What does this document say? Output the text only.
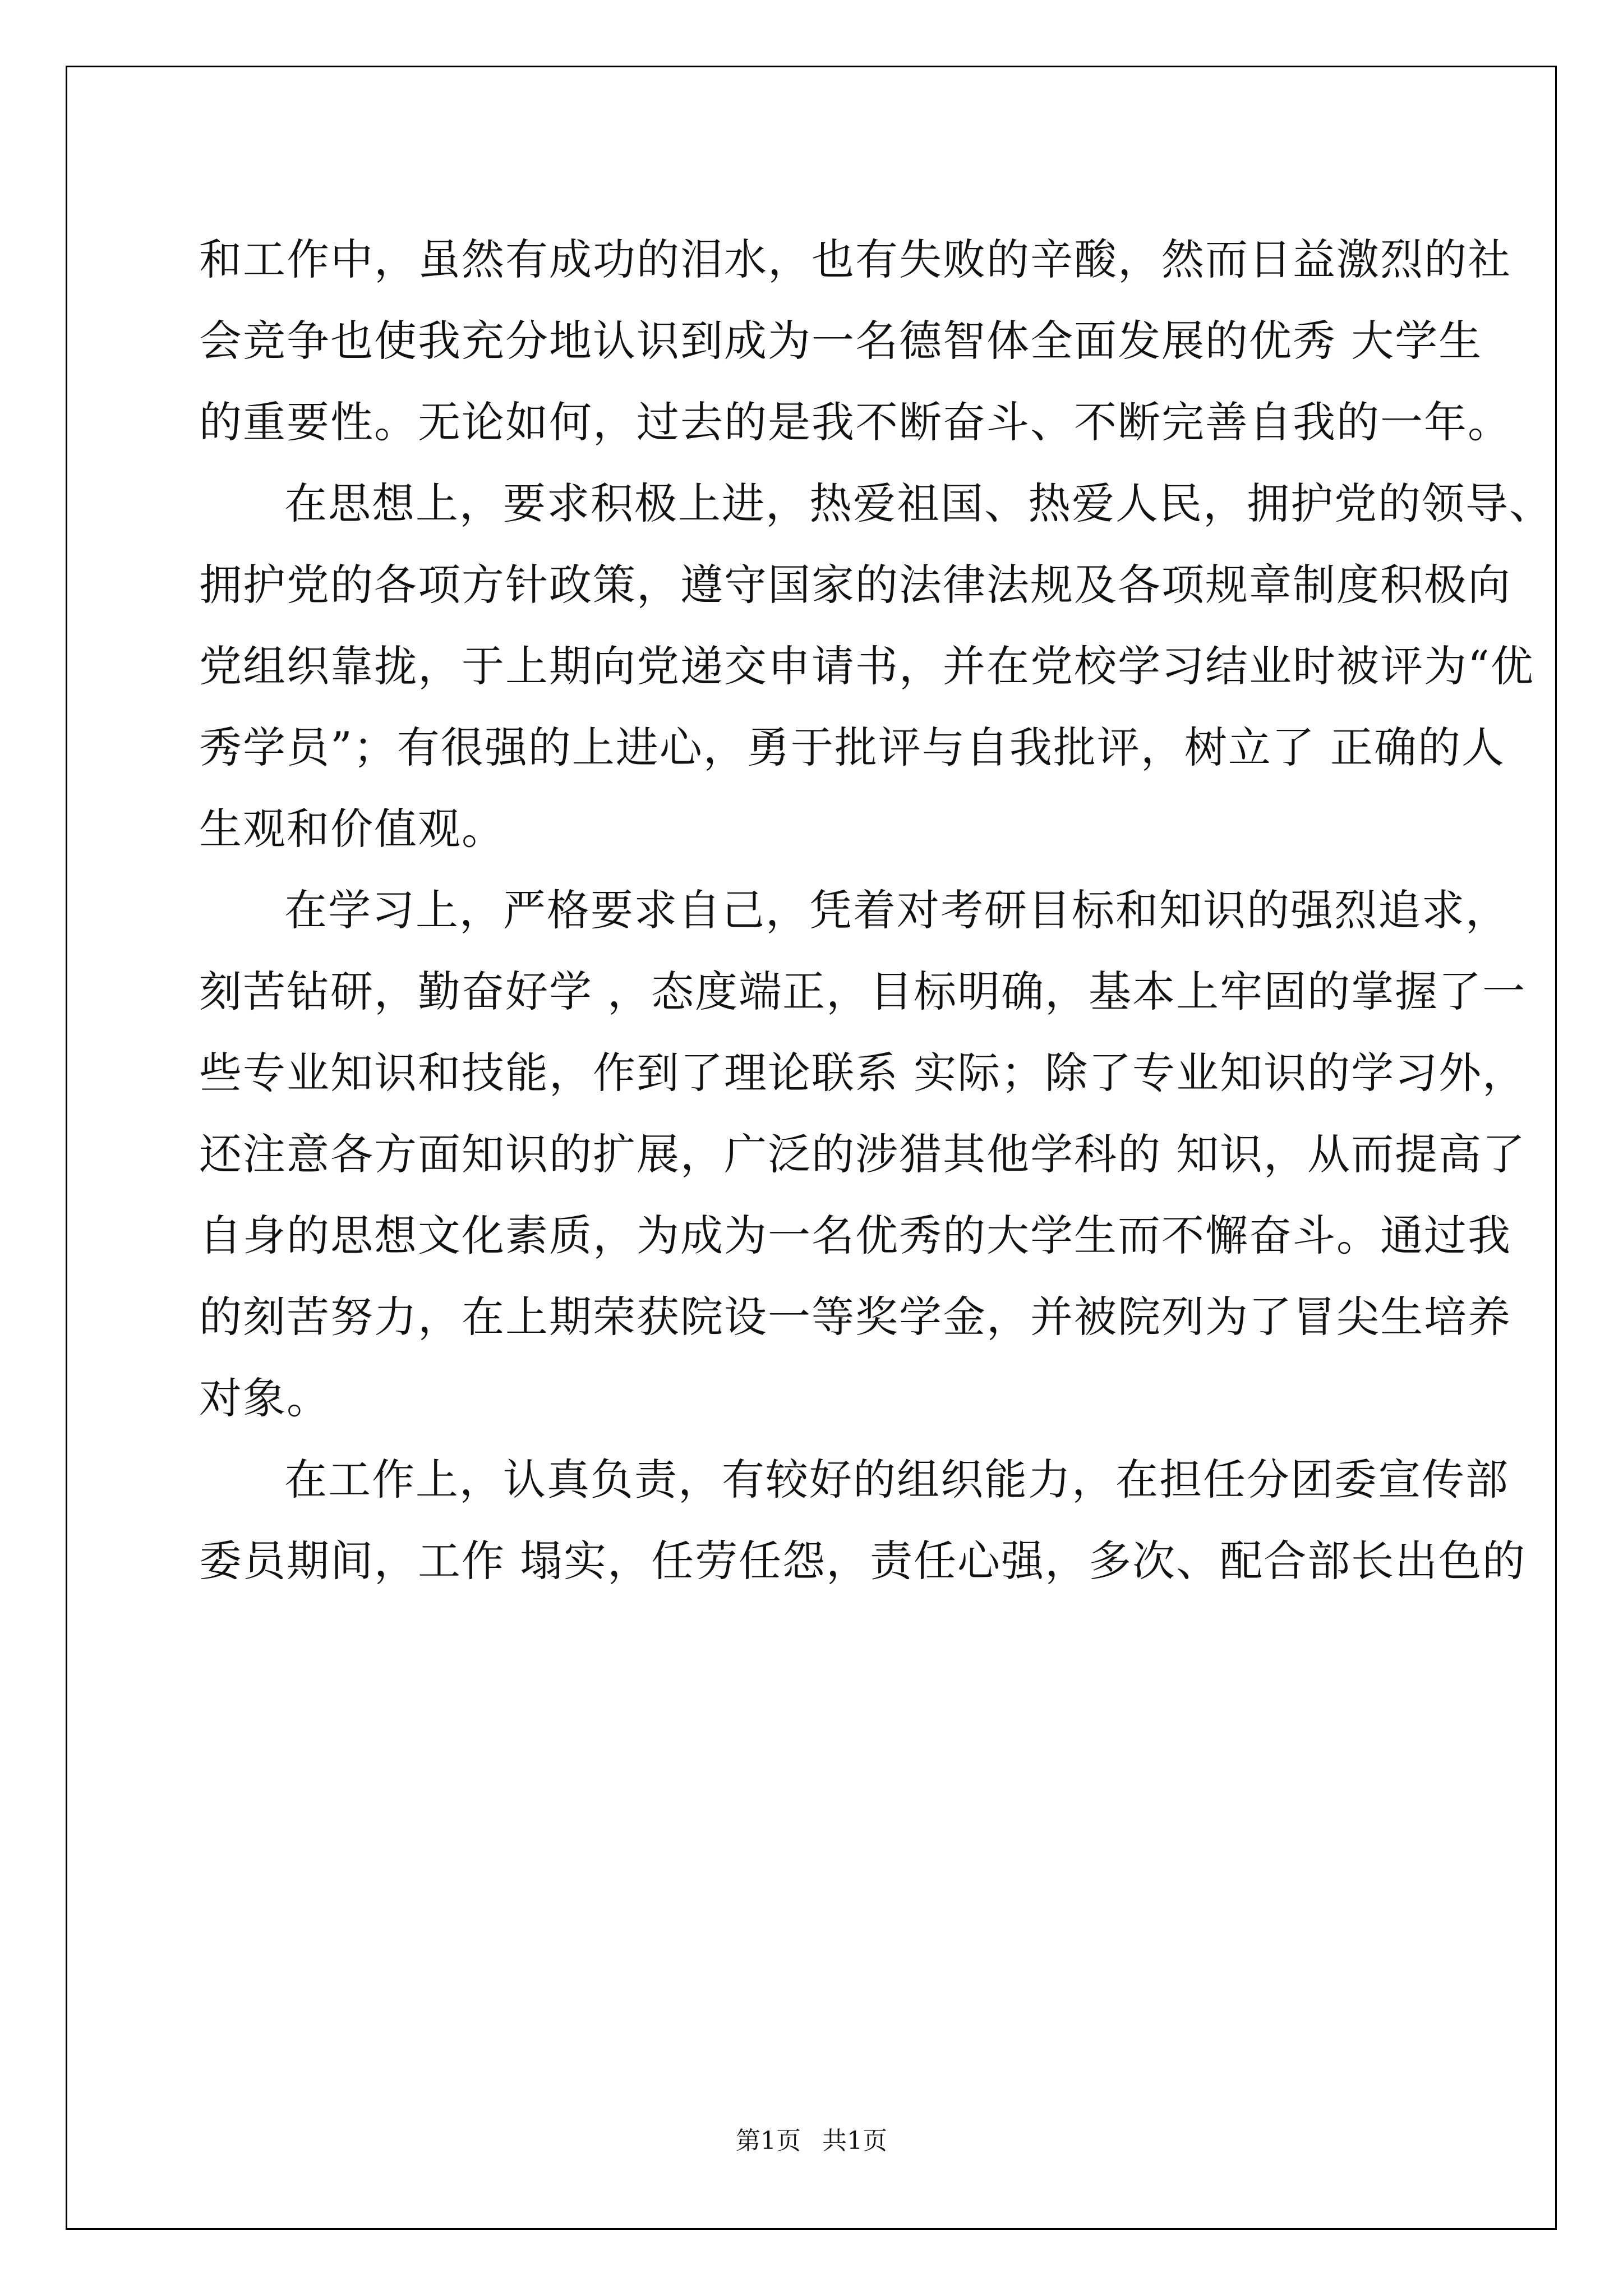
和工作中，虽然有成功的泪水，也有失败的辛酸，然而日益激烈的社
会竞争也使我充分地认识到成为一名德智体全面发展的优秀 大学生
的重要性。无论如何，过去的是我不断奋斗、不断完善自我的一年。
在思想上，要求积极上进，热爱祖国、热爱人民，拥护党的领导、
拥护党的各项方针政策，遵守国家的法律法规及各项规章制度积极向
党组织靠拢，于上期向党递交申请书，并在党校学习结业时被评为“优
秀学员”；有很强的上进心，勇于批评与自我批评，树立了 正确的人
生观和价值观。
在学习上，严格要求自己，凭着对考研目标和知识的强烈追求，
刻苦钻研，勤奋好学 ，态度端正，目标明确，基本上牢固的掌握了一
些专业知识和技能，作到了理论联系 实际；除了专业知识的学习外，
还注意各方面知识的扩展，广泛的涉猎其他学科的 知识，从而提高了
自身的思想文化素质，为成为一名优秀的大学生而不懈奋斗。通过我
的刻苦努力，在上期荣获院设一等奖学金，并被院列为了冒尖生培养
对象。
在工作上，认真负责，有较好的组织能力，在担任分团委宣传部
委员期间，工作 塌实，任劳任怨，责任心强，多次、配合部长出色的
第1页 共1页
